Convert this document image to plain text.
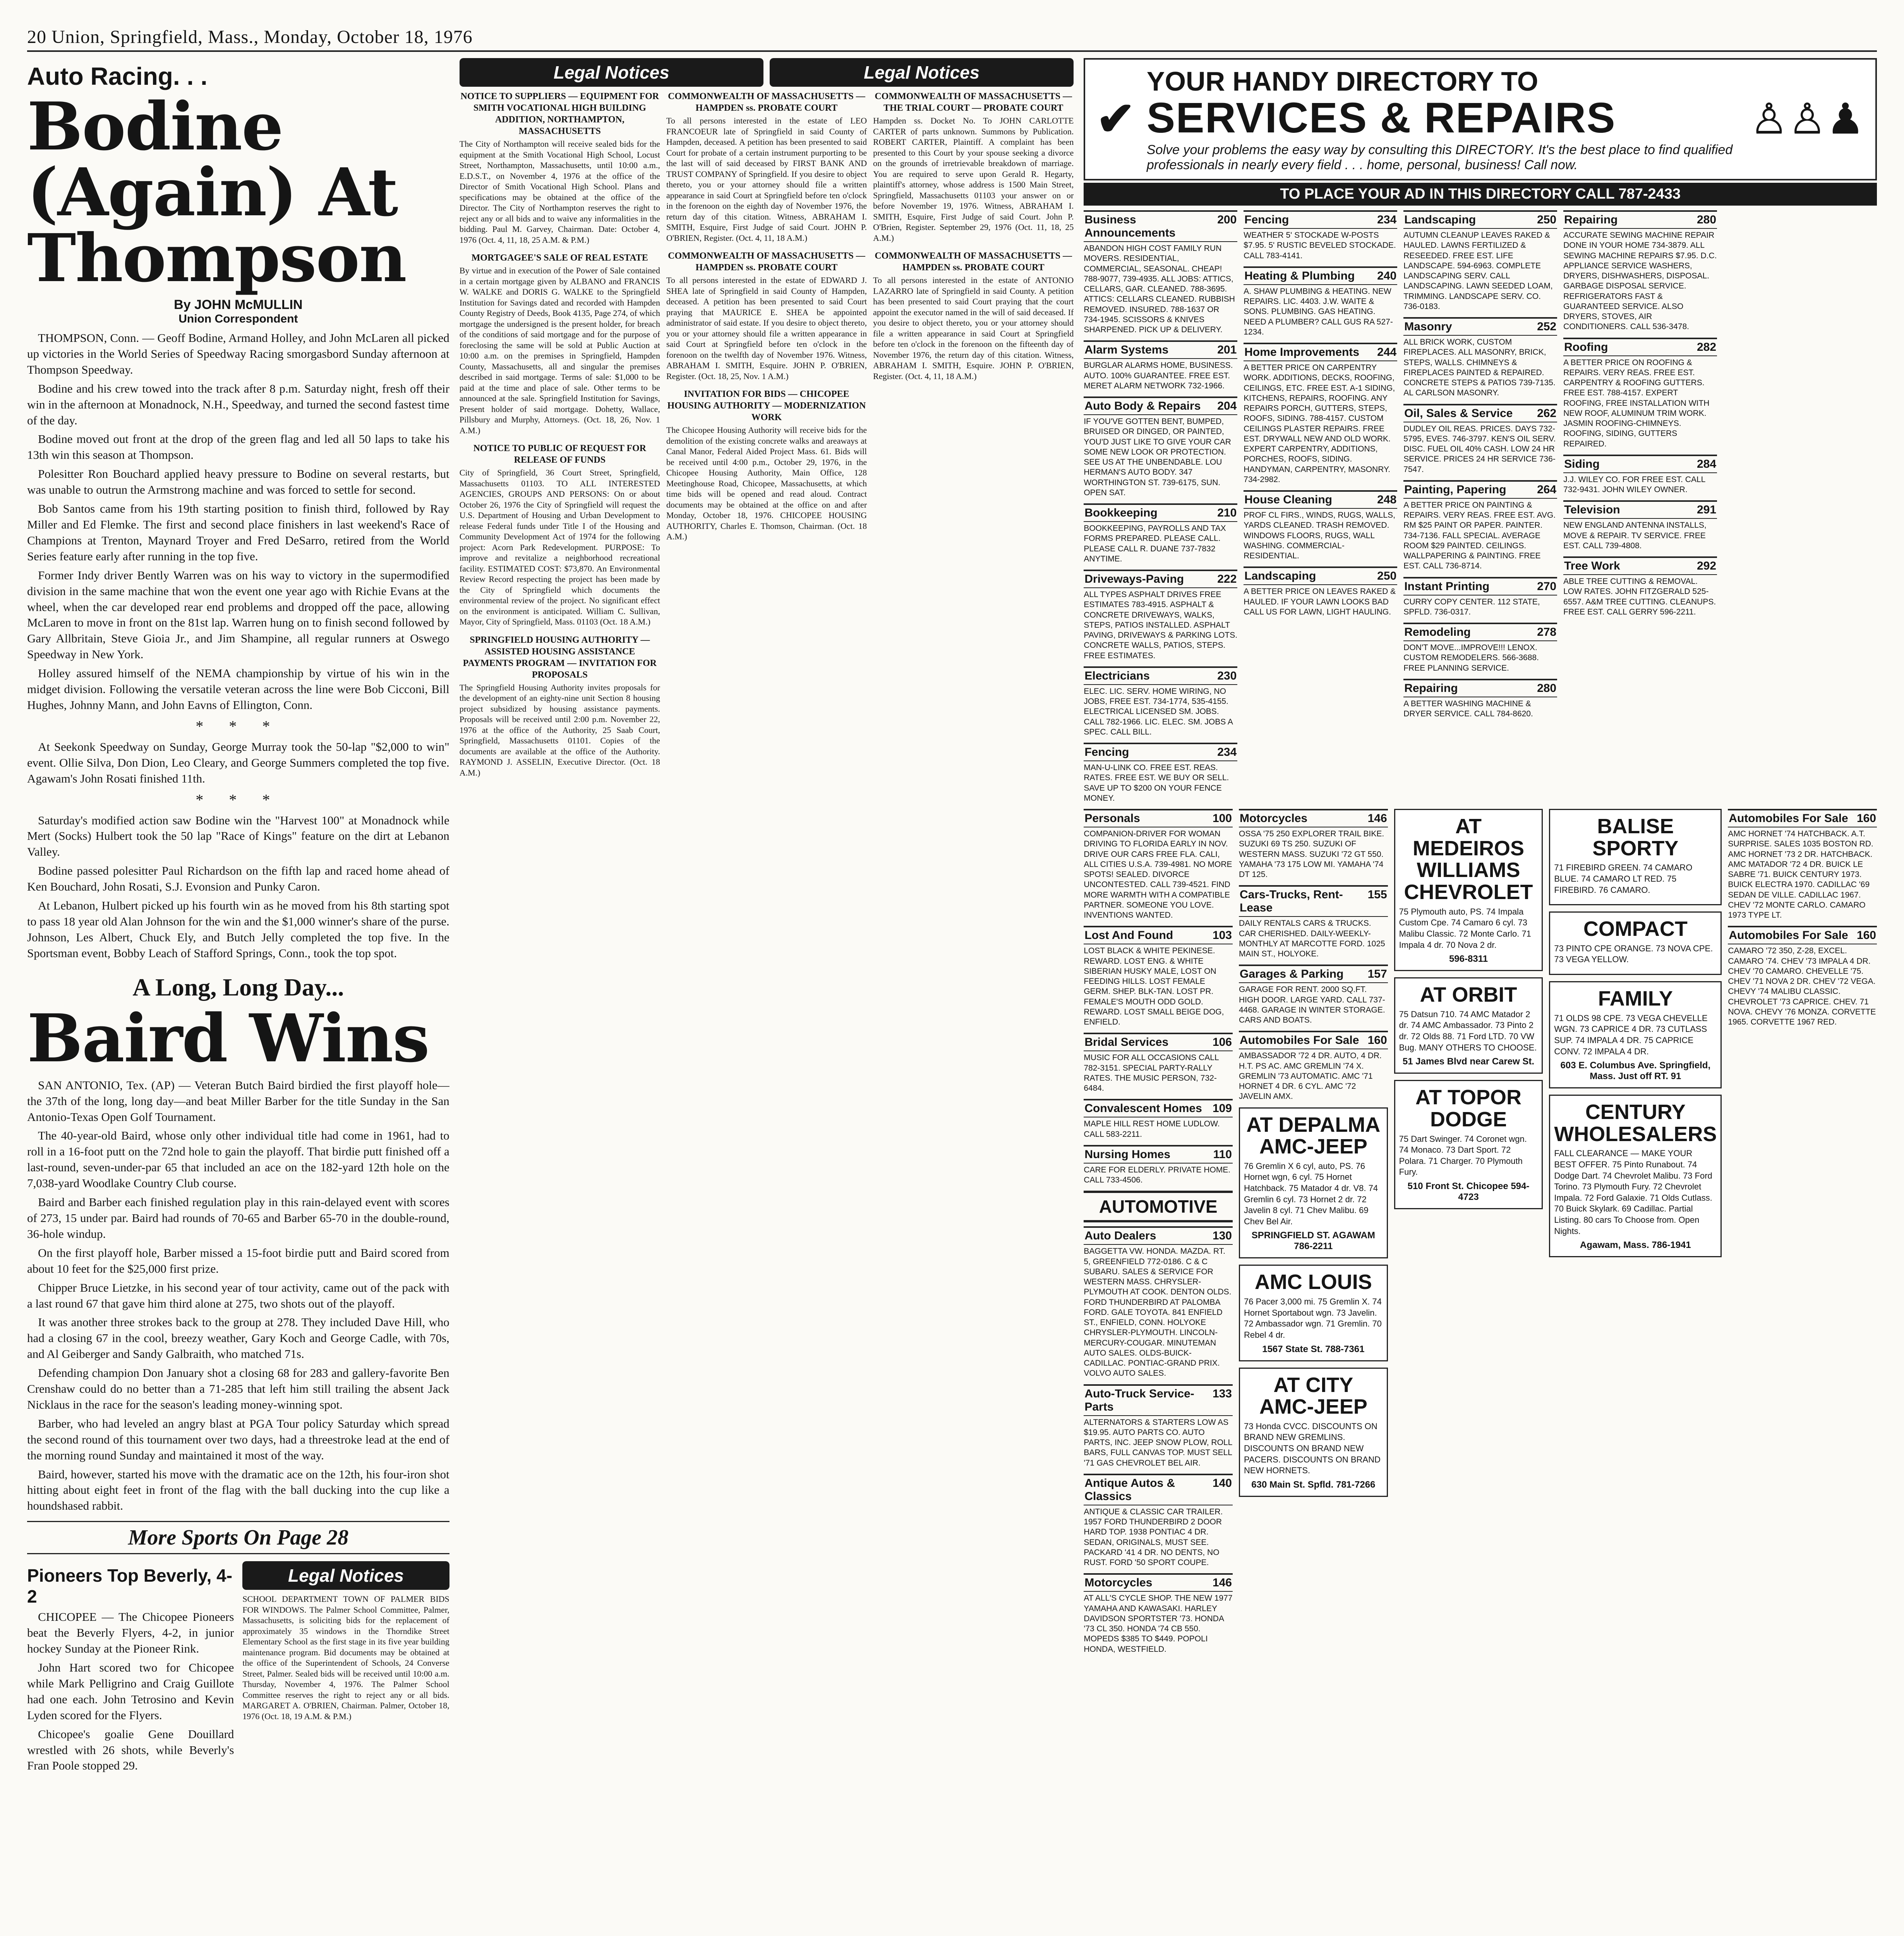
20 Union, Springfield, Mass., Monday, October 18, 1976
Auto Racing. . .
Bodine (Again) At Thompson
By JOHN McMULLIN
Union Correspondent

THOMPSON, Conn. — Geoff Bodine, Armand Holley, and John McLaren all picked up victories in the World Series of Speedway Racing smorgasbord Sunday afternoon at Thompson Speedway.

Bodine and his crew towed into the track after 8 p.m. Saturday night, fresh off their win in the afternoon at Monadnock, N.H., Speedway, and turned the second fastest time of the day.

Bodine moved out front at the drop of the green flag and led all 50 laps to take his 13th win this season at Thompson.

Polesitter Ron Bouchard applied heavy pressure to Bodine on several restarts, but was unable to outrun the Armstrong machine and was forced to settle for second.

Bob Santos came from his 19th starting position to finish third, followed by Ray Miller and Ed Flemke. The first and second place finishers in last weekend's Race of Champions at Trenton, Maynard Troyer and Fred DeSarro, retired from the World Series feature early after running in the top five.

Former Indy driver Bently Warren was on his way to victory in the supermodified division in the same machine that won the event one year ago with Richie Evans at the wheel, when the car developed rear end problems and dropped off the pace, allowing McLaren to move in front on the 81st lap. Warren hung on to finish second followed by Gary Allbritain, Steve Gioia Jr., and Jim Shampine, all regular runners at Oswego Speedway in New York.

Holley assured himself of the NEMA championship by virtue of his win in the midget division. Following the versatile veteran across the line were Bob Cicconi, Bill Hughes, Johnny Mann, and John Eavns of Ellington, Conn.

* * *

At Seekonk Speedway on Sunday, George Murray took the 50-lap "$2,000 to win" event. Ollie Silva, Don Dion, Leo Cleary, and George Summers completed the top five. Agawam's John Rosati finished 11th.

* * *

Saturday's modified action saw Bodine win the "Harvest 100" at Monadnock while Mert (Socks) Hulbert took the 50 lap "Race of Kings" feature on the dirt at Lebanon Valley.

Bodine passed polesitter Paul Richardson on the fifth lap and raced home ahead of Ken Bouchard, John Rosati, S.J. Evonsion and Punky Caron.

At Lebanon, Hulbert picked up his fourth win as he moved from his 8th starting spot to pass 18 year old Alan Johnson for the win and the $1,000 winner's share of the purse. Johnson, Les Albert, Chuck Ely, and Butch Jelly completed the top five. In the Sportsman event, Bobby Leach of Stafford Springs, Conn., took the top spot.

A Long, Long Day...
Baird Wins

SAN ANTONIO, Tex. (AP) — Veteran Butch Baird birdied the first playoff hole—the 37th of the long, long day—and beat Miller Barber for the title Sunday in the San Antonio-Texas Open Golf Tournament.

The 40-year-old Baird, whose only other individual title had come in 1961, had to roll in a 16-foot putt on the 72nd hole to gain the playoff. That birdie putt finished off a last-round, seven-under-par 65 that included an ace on the 182-yard 12th hole on the 7,038-yard Woodlake Country Club course.

Baird and Barber each finished regulation play in this rain-delayed event with scores of 273, 15 under par. Baird had rounds of 70-65 and Barber 65-70 in the double-round, 36-hole windup.

On the first playoff hole, Barber missed a 15-foot birdie putt and Baird scored from about 10 feet for the $25,000 first prize.

Chipper Bruce Lietzke, in his second year of tour activity, came out of the pack with a last round 67 that gave him third alone at 275, two shots out of the playoff.

It was another three strokes back to the group at 278. They included Dave Hill, who had a closing 67 in the cool, breezy weather, Gary Koch and George Cadle, with 70s, and Al Geiberger and Sandy Galbraith, who matched 71s.

Defending champion Don January shot a closing 68 for 283 and gallery-favorite Ben Crenshaw could do no better than a 71-285 that left him still trailing the absent Jack Nicklaus in the race for the season's leading money-winning spot.

Barber, who had leveled an angry blast at PGA Tour policy Saturday which spread the second round of this tournament over two days, had a threestroke lead at the end of the morning round Sunday and maintained it most of the way.

Baird, however, started his move with the dramatic ace on the 12th, his four-iron shot hitting about eight feet in front of the flag with the ball ducking into the cup like a houndshased rabbit.

More Sports On Page 28
Pioneers Top Beverly, 4-2

CHICOPEE — The Chicopee Pioneers beat the Beverly Flyers, 4-2, in junior hockey Sunday at the Pioneer Rink.

John Hart scored two for Chicopee while Mark Pelligrino and Craig Guillote had one each. John Tetrosino and Kevin Lyden scored for the Flyers.

Chicopee's goalie Gene Douillard wrestled with 26 shots, while Beverly's Fran Poole stopped 29.

Legal Notices
SCHOOL DEPARTMENT TOWN OF PALMER BIDS FOR WINDOWS. The Palmer School Committee, Palmer, Massachusetts, is soliciting bids for the replacement of approximately 35 windows in the Thorndike Street Elementary School as the first stage in its five year building maintenance program. Bid documents may be obtained at the office of the Superintendent of Schools, 24 Converse Street, Palmer. Sealed bids will be received until 10:00 a.m. Thursday, November 4, 1976. The Palmer School Committee reserves the right to reject any or all bids. MARGARET A. O'BRIEN, Chairman. Palmer, October 18, 1976 (Oct. 18, 19 A.M. & P.M.)
Legal Notices	Legal Notices
NOTICE TO SUPPLIERS — EQUIPMENT FOR SMITH VOCATIONAL HIGH BUILDING ADDITION, NORTHAMPTON, MASSACHUSETTS
The City of Northampton will receive sealed bids for the equipment at the Smith Vocational High School, Locust Street, Northampton, Massachusetts, until 10:00 a.m., E.D.S.T., on November 4, 1976 at the office of the Director of Smith Vocational High School. Plans and specifications may be obtained at the office of the Director. The City of Northampton reserves the right to reject any or all bids and to waive any informalities in the bidding. Paul M. Garvey, Chairman. Date: October 4, 1976 (Oct. 4, 11, 18, 25 A.M. & P.M.)
MORTGAGEE'S SALE OF REAL ESTATE
By virtue and in execution of the Power of Sale contained in a certain mortgage given by ALBANO and FRANCIS W. WALKE and DORIS G. WALKE to the Springfield Institution for Savings dated and recorded with Hampden County Registry of Deeds, Book 4135, Page 274, of which mortgage the undersigned is the present holder, for breach of the conditions of said mortgage and for the purpose of foreclosing the same will be sold at Public Auction at 10:00 a.m. on the premises in Springfield, Hampden County, Massachusetts, all and singular the premises described in said mortgage. Terms of sale: $1,000 to be paid at the time and place of sale. Other terms to be announced at the sale. Springfield Institution for Savings, Present holder of said mortgage. Dohetty, Wallace, Pillsbury and Murphy, Attorneys. (Oct. 18, 26, Nov. 1 A.M.)
NOTICE TO PUBLIC OF REQUEST FOR RELEASE OF FUNDS
City of Springfield, 36 Court Street, Springfield, Massachusetts 01103. TO ALL INTERESTED AGENCIES, GROUPS AND PERSONS: On or about October 26, 1976 the City of Springfield will request the U.S. Department of Housing and Urban Development to release Federal funds under Title I of the Housing and Community Development Act of 1974 for the following project: Acorn Park Redevelopment. PURPOSE: To improve and revitalize a neighborhood recreational facility. ESTIMATED COST: $73,870. An Environmental Review Record respecting the project has been made by the City of Springfield which documents the environmental review of the project. No significant effect on the environment is anticipated. William C. Sullivan, Mayor, City of Springfield, Mass. 01103 (Oct. 18 A.M.)
SPRINGFIELD HOUSING AUTHORITY — ASSISTED HOUSING ASSISTANCE PAYMENTS PROGRAM — INVITATION FOR PROPOSALS
The Springfield Housing Authority invites proposals for the development of an eighty-nine unit Section 8 housing project subsidized by housing assistance payments. Proposals will be received until 2:00 p.m. November 22, 1976 at the office of the Authority, 25 Saab Court, Springfield, Massachusetts 01101. Copies of the documents are available at the office of the Authority. RAYMOND J. ASSELIN, Executive Director. (Oct. 18 A.M.)
COMMONWEALTH OF MASSACHUSETTS — HAMPDEN ss. PROBATE COURT
To all persons interested in the estate of LEO FRANCOEUR late of Springfield in said County of Hampden, deceased. A petition has been presented to said Court for probate of a certain instrument purporting to be the last will of said deceased by FIRST BANK AND TRUST COMPANY of Springfield. If you desire to object thereto, you or your attorney should file a written appearance in said Court at Springfield before ten o'clock in the forenoon on the eighth day of November 1976, the return day of this citation. Witness, ABRAHAM I. SMITH, Esquire, First Judge of said Court. JOHN P. O'BRIEN, Register. (Oct. 4, 11, 18 A.M.)
COMMONWEALTH OF MASSACHUSETTS — HAMPDEN ss. PROBATE COURT
To all persons interested in the estate of EDWARD J. SHEA late of Springfield in said County of Hampden, deceased. A petition has been presented to said Court praying that MAURICE E. SHEA be appointed administrator of said estate. If you desire to object thereto, you or your attorney should file a written appearance in said Court at Springfield before ten o'clock in the forenoon on the twelfth day of November 1976. Witness, ABRAHAM I. SMITH, Esquire. JOHN P. O'BRIEN, Register. (Oct. 18, 25, Nov. 1 A.M.)
INVITATION FOR BIDS — CHICOPEE HOUSING AUTHORITY — MODERNIZATION WORK
The Chicopee Housing Authority will receive bids for the demolition of the existing concrete walks and areaways at Canal Manor, Federal Aided Project Mass. 61. Bids will be received until 4:00 p.m., October 29, 1976, in the Chicopee Housing Authority, Main Office, 128 Meetinghouse Road, Chicopee, Massachusetts, at which time bids will be opened and read aloud. Contract documents may be obtained at the office on and after Monday, October 18, 1976. CHICOPEE HOUSING AUTHORITY, Charles E. Thomson, Chairman. (Oct. 18 A.M.)
COMMONWEALTH OF MASSACHUSETTS — THE TRIAL COURT — PROBATE COURT
Hampden ss. Docket No. To JOHN CARLOTTE CARTER of parts unknown. Summons by Publication. ROBERT CARTER, Plaintiff. A complaint has been presented to this Court by your spouse seeking a divorce on the grounds of irretrievable breakdown of marriage. You are required to serve upon Gerald R. Hegarty, plaintiff's attorney, whose address is 1500 Main Street, Springfield, Massachusetts 01103 your answer on or before November 19, 1976. Witness, ABRAHAM I. SMITH, Esquire, First Judge of said Court. John P. O'Brien, Register. September 29, 1976 (Oct. 11, 18, 25 A.M.)
COMMONWEALTH OF MASSACHUSETTS — HAMPDEN ss. PROBATE COURT
To all persons interested in the estate of ANTONIO LAZARRO late of Springfield in said County. A petition has been presented to said Court praying that the court appoint the executor named in the will of said deceased. If you desire to object thereto, you or your attorney should file a written appearance in said Court at Springfield before ten o'clock in the forenoon on the fifteenth day of November 1976, the return day of this citation. Witness, ABRAHAM I. SMITH, Esquire. JOHN P. O'BRIEN, Register. (Oct. 4, 11, 18 A.M.)
✔
YOUR HANDY DIRECTORY TO
SERVICES & REPAIRS
Solve your problems the easy way by consulting this DIRECTORY. It's the best place to find qualified professionals in nearly every field . . . home, personal, business! Call now.
♙♙♟
TO PLACE YOUR AD IN THIS DIRECTORY CALL 787-2433
Business Announcements
200
ABANDON HIGH COST FAMILY RUN MOVERS. RESIDENTIAL, COMMERCIAL, SEASONAL. CHEAP! 788-9077, 739-4935. ALL JOBS: ATTICS, CELLARS, GAR. CLEANED. 788-3695. ATTICS: CELLARS CLEANED. RUBBISH REMOVED. INSURED. 788-1637 OR 734-1945. SCISSORS & KNIVES SHARPENED. PICK UP & DELIVERY.
Alarm Systems	201
BURGLAR ALARMS HOME, BUSINESS. AUTO. 100% GUARANTEE. FREE EST. MERET ALARM NETWORK 732-1966.
Auto Body & Repairs 204
IF YOU'VE GOTTEN BENT, BUMPED, BRUISED OR DINGED, OR PAINTED, YOU'D JUST LIKE TO GIVE YOUR CAR SOME NEW LOOK OR PROTECTION. SEE US AT THE UNBENDABLE. LOU HERMAN'S AUTO BODY. 347 WORTHINGTON ST. 739-6175, SUN. OPEN SAT.
Bookkeeping	210
BOOKKEEPING, PAYROLLS AND TAX FORMS PREPARED. PLEASE CALL. PLEASE CALL R. DUANE 737-7832 ANYTIME.
Driveways-Paving	222
ALL TYPES ASPHALT DRIVES FREE ESTIMATES 783-4915. ASPHALT & CONCRETE DRIVEWAYS, WALKS, STEPS, PATIOS INSTALLED. ASPHALT PAVING, DRIVEWAYS & PARKING LOTS. CONCRETE WALLS, PATIOS, STEPS. FREE ESTIMATES.
Electricians	230
ELEC. LIC. SERV. HOME WIRING, NO JOBS, FREE EST. 734-1774, 535-4155. ELECTRICAL LICENSED SM. JOBS. CALL 782-1966. LIC. ELEC. SM. JOBS A SPEC. CALL BILL.
Fencing	234
MAN-U-LINK CO. FREE EST. REAS. RATES. FREE EST. WE BUY OR SELL. SAVE UP TO $200 ON YOUR FENCE MONEY.
Fencing	234
WEATHER 5' STOCKADE W-POSTS $7.95. 5' RUSTIC BEVELED STOCKADE. CALL 783-4141.
Heating & Plumbing 240
A. SHAW PLUMBING & HEATING. NEW REPAIRS. LIC. 4403. J.W. WAITE & SONS. PLUMBING. GAS HEATING. NEED A PLUMBER? CALL GUS RA 527-1234.
Home Improvements 244
A BETTER PRICE ON CARPENTRY WORK. ADDITIONS, DECKS, ROOFING, CEILINGS, ETC. FREE EST. A-1 SIDING, KITCHENS, REPAIRS, ROOFING. ANY REPAIRS PORCH, GUTTERS, STEPS, ROOFS, SIDING. 788-4157. CUSTOM CEILINGS PLASTER REPAIRS. FREE EST. DRYWALL NEW AND OLD WORK. EXPERT CARPENTRY, ADDITIONS, PORCHES, ROOFS, SIDING. HANDYMAN, CARPENTRY, MASONRY. 734-2982.
House Cleaning	248
PROF CL FIRS., WINDS, RUGS, WALLS, YARDS CLEANED. TRASH REMOVED. WINDOWS FLOORS, RUGS, WALL WASHING. COMMERCIAL-RESIDENTIAL.
Landscaping	250
A BETTER PRICE ON LEAVES RAKED & HAULED. IF YOUR LAWN LOOKS BAD CALL US FOR LAWN, LIGHT HAULING.
Landscaping	250
AUTUMN CLEANUP LEAVES RAKED & HAULED. LAWNS FERTILIZED & RESEEDED. FREE EST. LIFE LANDSCAPE. 594-6963. COMPLETE LANDSCAPING SERV. CALL LANDSCAPING. LAWN SEEDED LOAM, TRIMMING. LANDSCAPE SERV. CO. 736-0183.
Masonry	252
ALL BRICK WORK, CUSTOM FIREPLACES. ALL MASONRY, BRICK, STEPS, WALLS. CHIMNEYS & FIREPLACES PAINTED & REPAIRED. CONCRETE STEPS & PATIOS 739-7135. AL CARLSON MASONRY.
Oil, Sales & Service 262
DUDLEY OIL REAS. PRICES. DAYS 732-5795, EVES. 746-3797. KEN'S OIL SERV. DISC. FUEL OIL 40% CASH. LOW 24 HR SERVICE. PRICES 24 HR SERVICE 736-7547.
Painting, Papering	264
A BETTER PRICE ON PAINTING & REPAIRS. VERY REAS. FREE EST. AVG. RM $25 PAINT OR PAPER. PAINTER. 734-7136. FALL SPECIAL. AVERAGE ROOM $29 PAINTED. CEILINGS. WALLPAPERING & PAINTING. FREE EST. CALL 736-8714.
Instant Printing	270
CURRY COPY CENTER. 112 STATE, SPFLD. 736-0317.
Remodeling	278
DON'T MOVE...IMPROVE!!! LENOX. CUSTOM REMODELERS. 566-3688. FREE PLANNING SERVICE.
Repairing	280
A BETTER WASHING MACHINE & DRYER SERVICE. CALL 784-8620.
Repairing	280
ACCURATE SEWING MACHINE REPAIR DONE IN YOUR HOME 734-3879. ALL SEWING MACHINE REPAIRS $7.95. D.C. APPLIANCE SERVICE WASHERS, DRYERS, DISHWASHERS, DISPOSAL. GARBAGE DISPOSAL SERVICE. REFRIGERATORS FAST & GUARANTEED SERVICE. ALSO DRYERS, STOVES, AIR CONDITIONERS. CALL 536-3478.
Roofing	282
A BETTER PRICE ON ROOFING & REPAIRS. VERY REAS. FREE EST. CARPENTRY & ROOFING GUTTERS. FREE EST. 788-4157. EXPERT ROOFING, FREE INSTALLATION WITH NEW ROOF, ALUMINUM TRIM WORK. JASMIN ROOFING-CHIMNEYS. ROOFING, SIDING, GUTTERS REPAIRED.
Siding	284
J.J. WILEY CO. FOR FREE EST. CALL 732-9431. JOHN WILEY OWNER.
Television	291
NEW ENGLAND ANTENNA INSTALLS, MOVE & REPAIR. TV SERVICE. FREE EST. CALL 739-4808.
Tree Work	292
ABLE TREE CUTTING & REMOVAL. LOW RATES. JOHN FITZGERALD 525-6557. A&M TREE CUTTING. CLEANUPS. FREE EST. CALL GERRY 596-2211.
Personals	100
COMPANION-DRIVER FOR WOMAN DRIVING TO FLORIDA EARLY IN NOV. DRIVE OUR CARS FREE FLA. CALI, ALL CITIES U.S.A. 739-4981. NO MORE SPOTS! SEALED. DIVORCE UNCONTESTED. CALL 739-4521. FIND MORE WARMTH WITH A COMPATIBLE PARTNER. SOMEONE YOU LOVE. INVENTIONS WANTED.
Lost And Found	103
LOST BLACK & WHITE PEKINESE. REWARD. LOST ENG. & WHITE SIBERIAN HUSKY MALE, LOST ON FEEDING HILLS. LOST FEMALE GERM. SHEP. BLK-TAN. LOST PR. FEMALE'S MOUTH ODD GOLD. REWARD. LOST SMALL BEIGE DOG, ENFIELD.
Bridal Services	106
MUSIC FOR ALL OCCASIONS CALL 782-3151. SPECIAL PARTY-RALLY RATES. THE MUSIC PERSON, 732-6484.
Convalescent Homes 109
MAPLE HILL REST HOME LUDLOW. CALL 583-2211.
Nursing Homes	110
CARE FOR ELDERLY. PRIVATE HOME. CALL 733-4506.
AUTOMOTIVE
Auto Dealers	130
BAGGETTA VW. HONDA. MAZDA. RT. 5, GREENFIELD 772-0186. C & C SUBARU. SALES & SERVICE FOR WESTERN MASS. CHRYSLER-PLYMOUTH AT COOK. DENTON OLDS. FORD THUNDERBIRD AT PALOMBA FORD. GALE TOYOTA. 841 ENFIELD ST., ENFIELD, CONN. HOLYOKE CHRYSLER-PLYMOUTH. LINCOLN-MERCURY-COUGAR. MINUTEMAN AUTO SALES. OLDS-BUICK-CADILLAC. PONTIAC-GRAND PRIX. VOLVO AUTO SALES.
Auto-Truck Service-Parts
133
ALTERNATORS & STARTERS LOW AS $19.95. AUTO PARTS CO. AUTO PARTS, INC. JEEP SNOW PLOW, ROLL BARS, FULL CANVAS TOP. MUST SELL '71 GAS CHEVROLET BEL AIR.
Antique Autos & Classics
140
ANTIQUE & CLASSIC CAR TRAILER. 1957 FORD THUNDERBIRD 2 DOOR HARD TOP. 1938 PONTIAC 4 DR. SEDAN, ORIGINALS, MUST SEE. PACKARD '41 4 DR. NO DENTS, NO RUST. FORD '50 SPORT COUPE.
Motorcycles	146
AT ALL'S CYCLE SHOP. THE NEW 1977 YAMAHA AND KAWASAKI. HARLEY DAVIDSON SPORTSTER '73. HONDA '73 CL 350. HONDA '74 CB 550. MOPEDS $385 TO $449. POPOLI HONDA, WESTFIELD.
Motorcycles	146
OSSA '75 250 EXPLORER TRAIL BIKE. SUZUKI 69 TS 250. SUZUKI OF WESTERN MASS. SUZUKI '72 GT 550. YAMAHA '73 175 LOW MI. YAMAHA '74 DT 125.
Cars-Trucks, Rent-Lease
155
DAILY RENTALS CARS & TRUCKS. CAR CHERISHED. DAILY-WEEKLY-MONTHLY AT MARCOTTE FORD. 1025 MAIN ST., HOLYOKE.
Garages & Parking 157
GARAGE FOR RENT. 2000 SQ.FT. HIGH DOOR. LARGE YARD. CALL 737-4468. GARAGE IN WINTER STORAGE. CARS AND BOATS.
Automobiles For Sale 160
AMBASSADOR '72 4 DR. AUTO, 4 DR. H.T. PS AC. AMC GREMLIN '74 X. GREMLIN '73 AUTOMATIC. AMC '71 HORNET 4 DR. 6 CYL. AMC '72 JAVELIN AMX.
AT DEPALMA AMC-JEEP
76 Gremlin X 6 cyl, auto, PS. 76 Hornet wgn, 6 cyl. 75 Hornet Hatchback. 75 Matador 4 dr. V8. 74 Gremlin 6 cyl. 73 Hornet 2 dr. 72 Javelin 8 cyl. 71 Chev Malibu. 69 Chev Bel Air.
SPRINGFIELD ST. AGAWAM 786-2211
AMC LOUIS
76 Pacer 3,000 mi. 75 Gremlin X. 74 Hornet Sportabout wgn. 73 Javelin. 72 Ambassador wgn. 71 Gremlin. 70 Rebel 4 dr.
1567 State St. 788-7361
AT CITY AMC-JEEP
73 Honda CVCC. DISCOUNTS ON BRAND NEW GREMLINS. DISCOUNTS ON BRAND NEW PACERS. DISCOUNTS ON BRAND NEW HORNETS.
630 Main St. Spfld. 781-7266
AT MEDEIROS WILLIAMS CHEVROLET
75 Plymouth auto, PS. 74 Impala Custom Cpe. 74 Camaro 6 cyl. 73 Malibu Classic. 72 Monte Carlo. 71 Impala 4 dr. 70 Nova 2 dr.
596-8311
AT ORBIT
75 Datsun 710. 74 AMC Matador 2 dr. 74 AMC Ambassador. 73 Pinto 2 dr. 72 Olds 88. 71 Ford LTD. 70 VW Bug. MANY OTHERS TO CHOOSE.
51 James Blvd near Carew St.
AT TOPOR DODGE
75 Dart Swinger. 74 Coronet wgn. 74 Monaco. 73 Dart Sport. 72 Polara. 71 Charger. 70 Plymouth Fury.
510 Front St. Chicopee 594-4723
BALISE SPORTY
71 FIREBIRD GREEN. 74 CAMARO BLUE. 74 CAMARO LT RED. 75 FIREBIRD. 76 CAMARO.
COMPACT
73 PINTO CPE ORANGE. 73 NOVA CPE. 73 VEGA YELLOW.
FAMILY
71 OLDS 98 CPE. 73 VEGA CHEVELLE WGN. 73 CAPRICE 4 DR. 73 CUTLASS SUP. 74 IMPALA 4 DR. 75 CAPRICE CONV. 72 IMPALA 4 DR.
603 E. Columbus Ave. Springfield, Mass. Just off RT. 91
CENTURY WHOLESALERS
FALL CLEARANCE — MAKE YOUR BEST OFFER. 75 Pinto Runabout. 74 Dodge Dart. 74 Chevrolet Malibu. 73 Ford Torino. 73 Plymouth Fury. 72 Chevrolet Impala. 72 Ford Galaxie. 71 Olds Cutlass. 70 Buick Skylark. 69 Cadillac. Partial Listing. 80 cars To Choose from. Open Nights.
Agawam, Mass. 786-1941
Automobiles For Sale 160
AMC HORNET '74 HATCHBACK. A.T. SURPRISE. SALES 1035 BOSTON RD. AMC HORNET '73 2 DR. HATCHBACK. AMC MATADOR '72 4 DR. BUICK LE SABRE '71. BUICK CENTURY 1973. BUICK ELECTRA 1970. CADILLAC '69 SEDAN DE VILLE. CADILLAC 1967. CHEV '72 MONTE CARLO. CAMARO 1973 TYPE LT.
Automobiles For Sale 160
CAMARO '72 350, Z-28, EXCEL. CAMARO '74. CHEV '73 IMPALA 4 DR. CHEV '70 CAMARO. CHEVELLE '75. CHEV '71 NOVA 2 DR. CHEV '72 VEGA. CHEVY '74 MALIBU CLASSIC. CHEVROLET '73 CAPRICE. CHEV. 71 NOVA. CHEVY '76 MONZA. CORVETTE 1965. CORVETTE 1967 RED.
